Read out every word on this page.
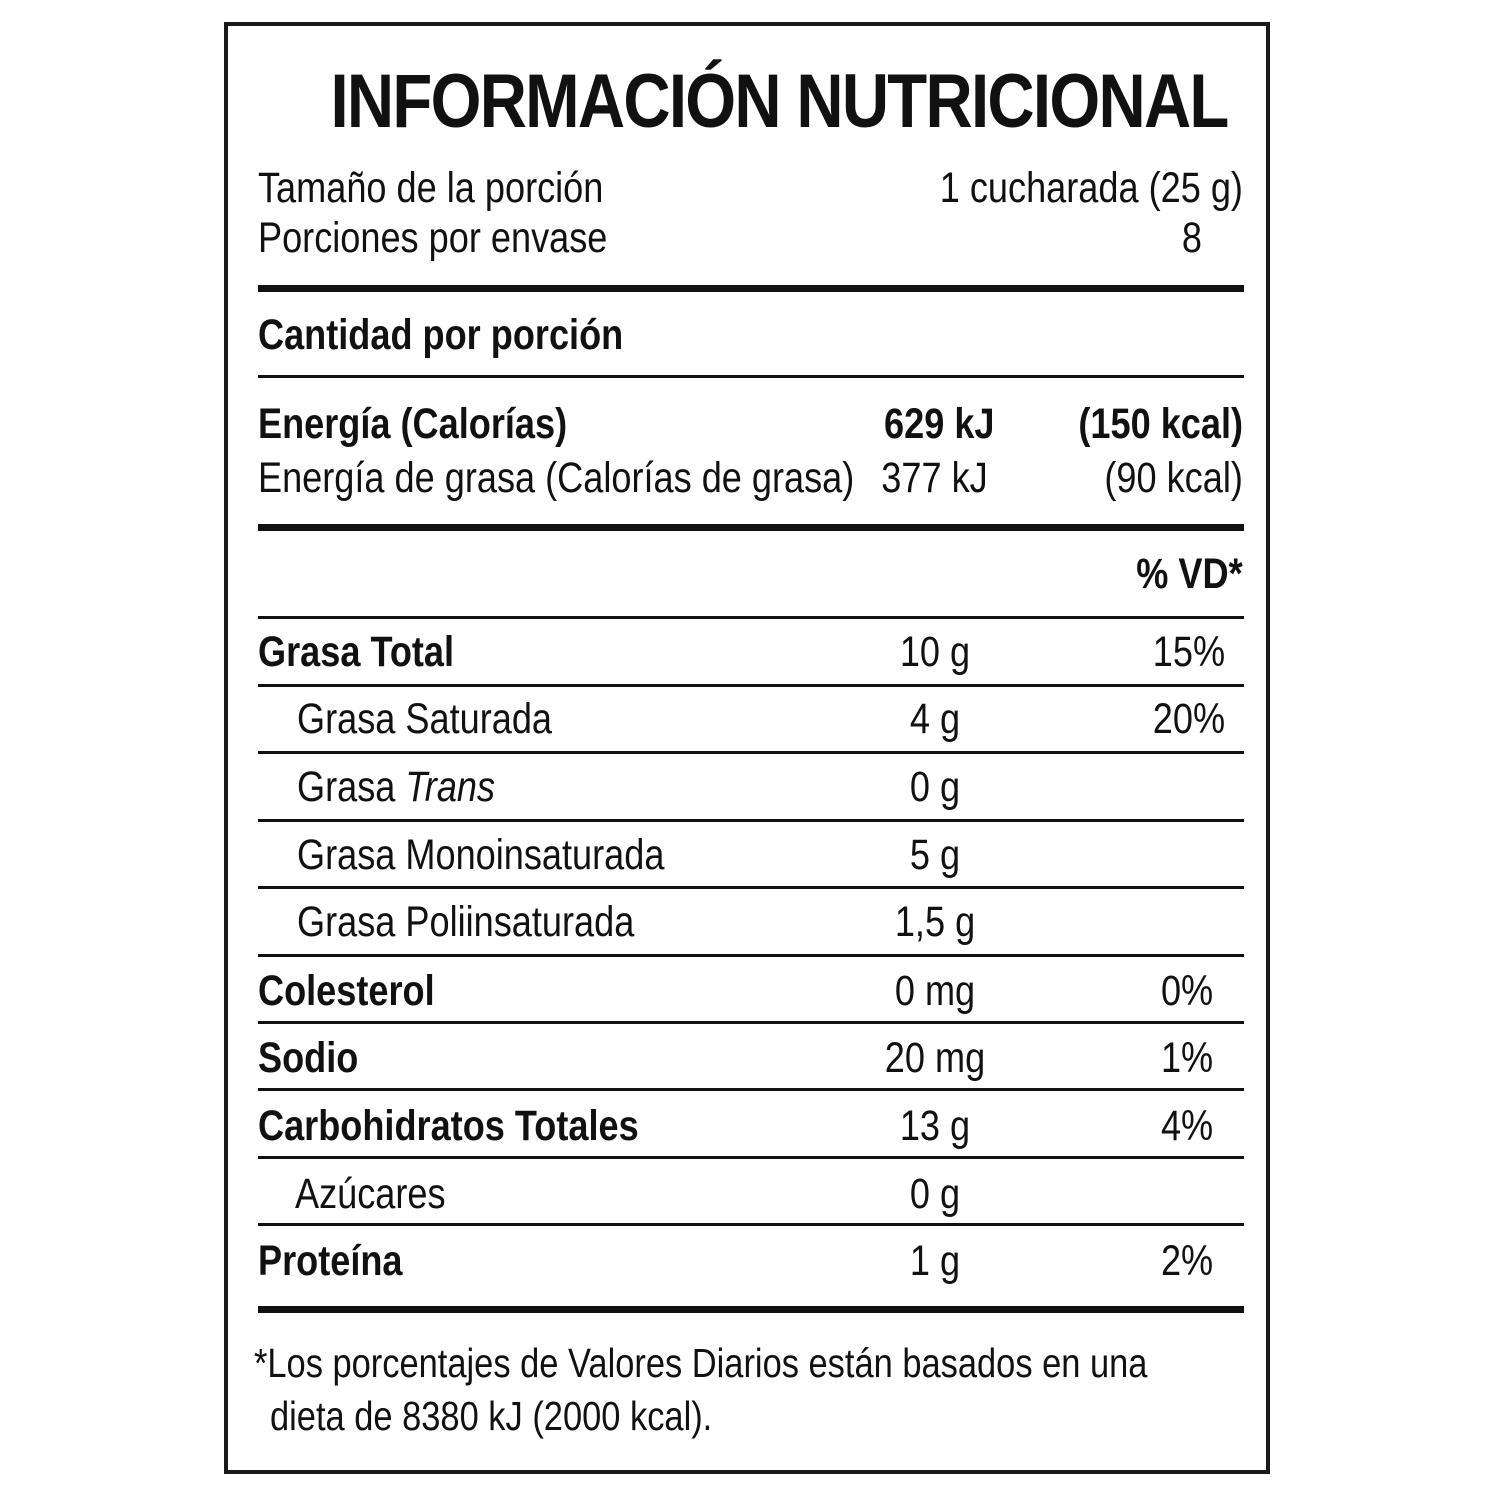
INFORMACIÓN NUTRICIONAL
Tamaño de la porción	1 cucharada (25 g)
Porciones por envase	8
Cantidad por porción
Energía (Calorías)	629 kJ (150 kcal)
Energía de grasa (Calorías de grasa) 377 kJ	(90 kcal)
% VD*
Grasa Total	10 g	15%
Grasa Saturada	4 g	20%
Grasa Trans	0 g
Grasa Monoinsaturada	5 g
Grasa Poliinsaturada	1,5 g
Colesterol	0 mg	0%
Sodio	20 mg	1%
Carbohidratos Totales	13 g	4%
Azúcares	0 g
Proteína	1 g	2%
*Los porcentajes de Valores Diarios están basados en una
dieta de 8380 kJ (2000 kcal).
